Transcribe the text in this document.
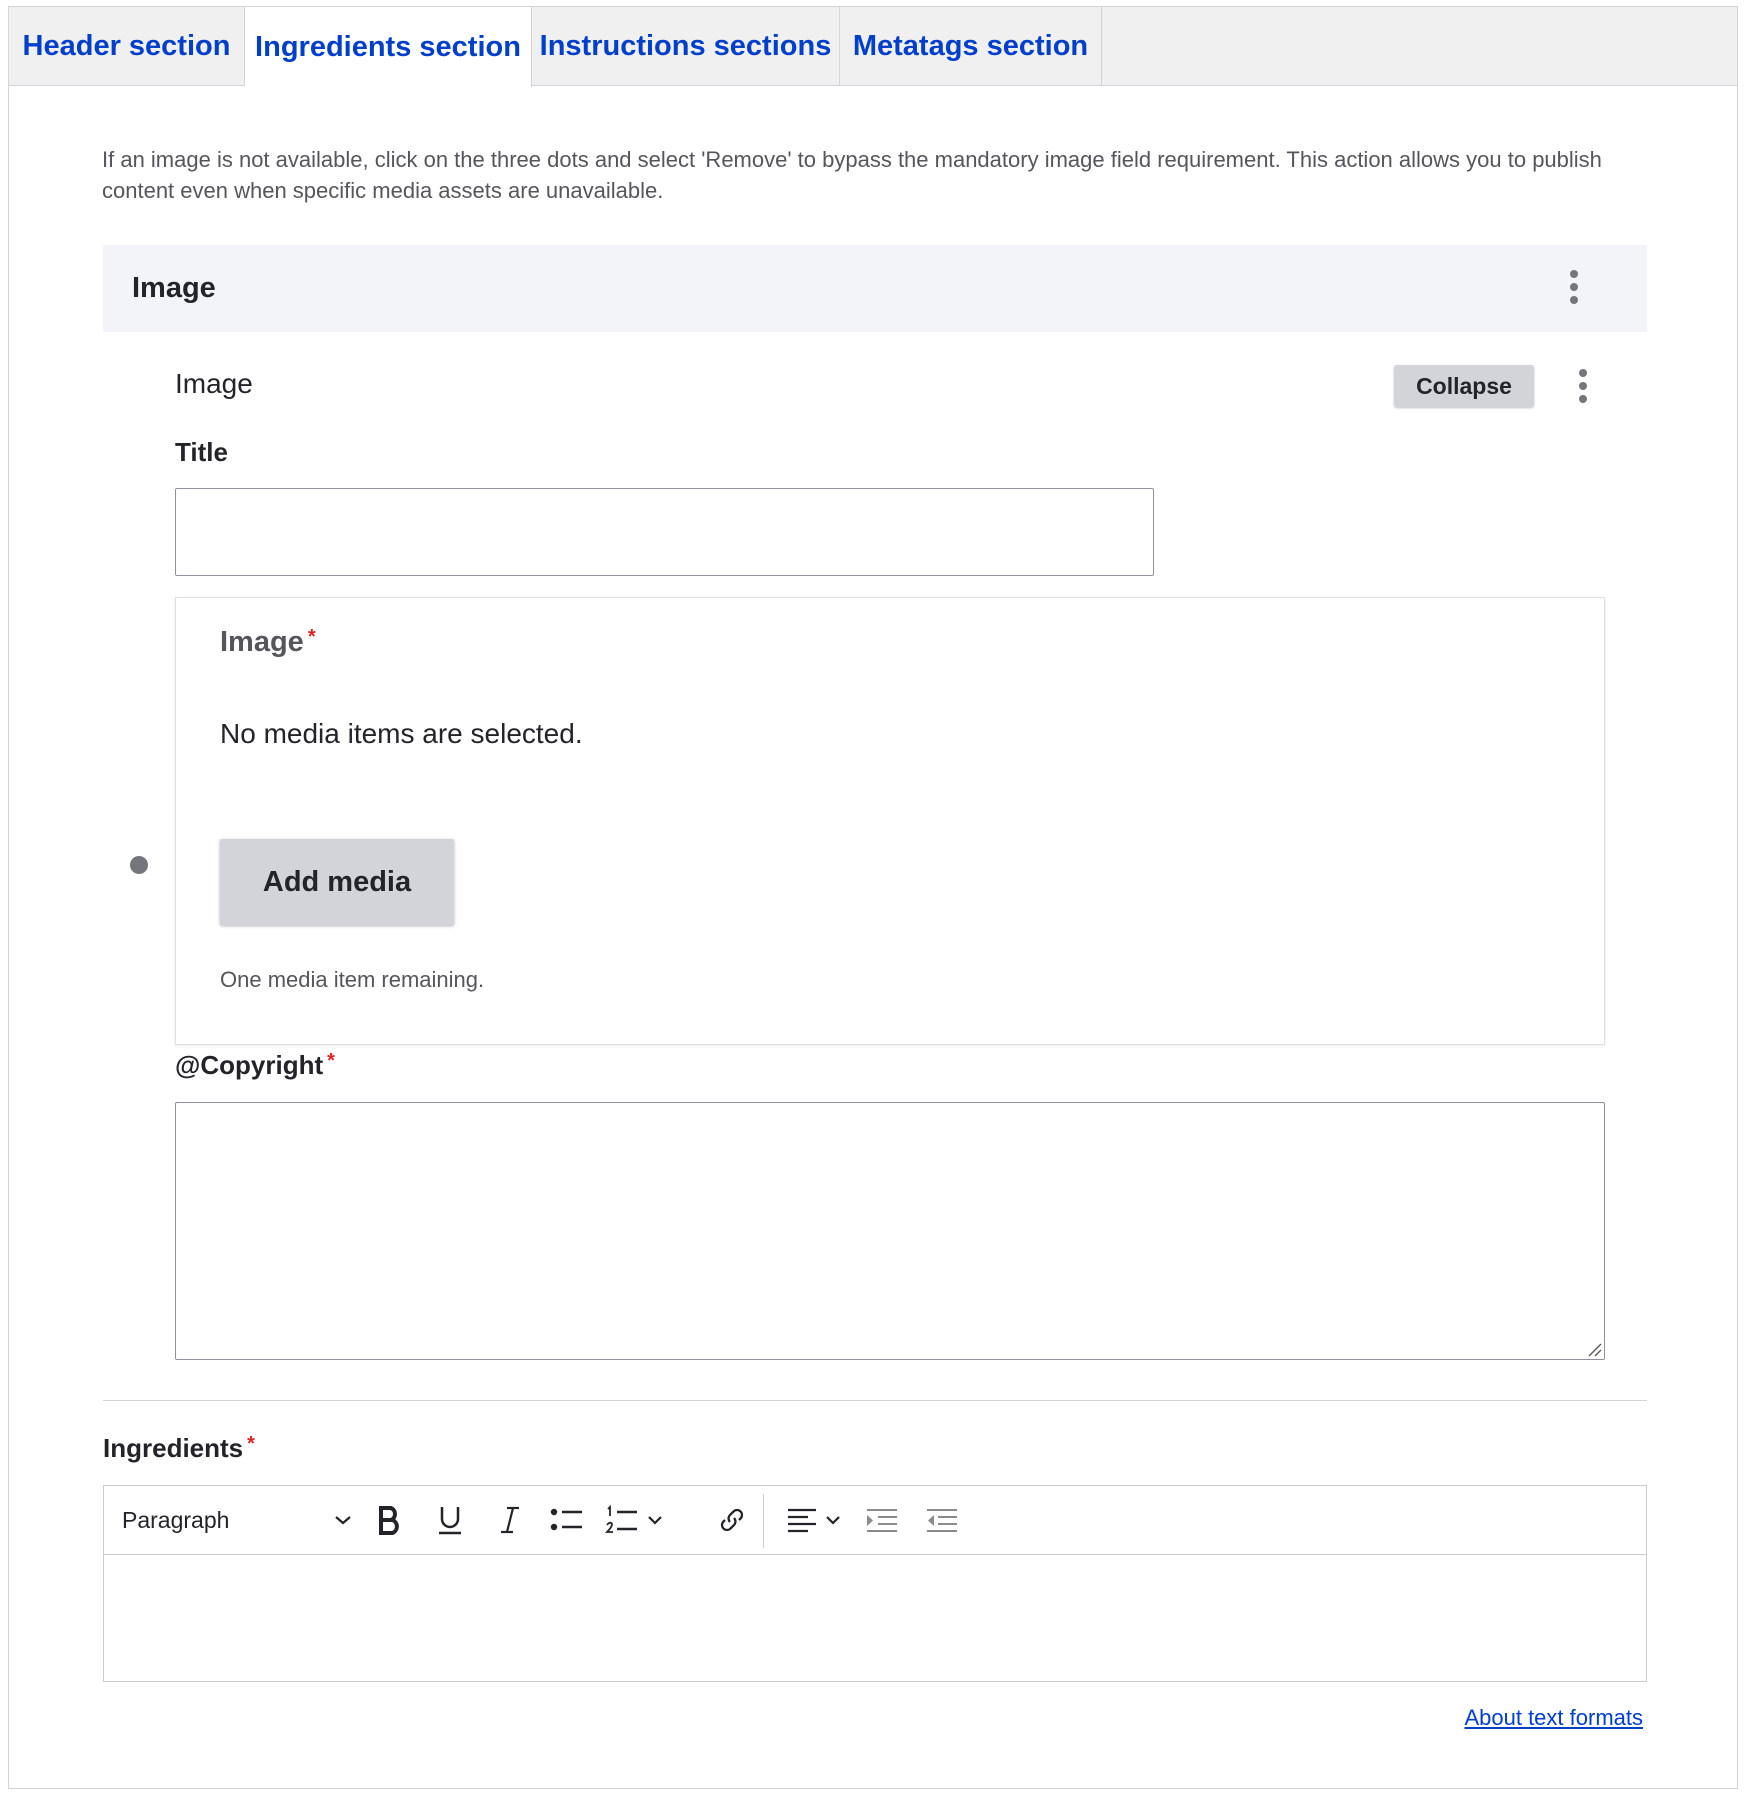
Header section Ingredients section Instructions sections Metatags section
If an image is not available, click on the three dots and select 'Remove' to bypass the mandatory image field requirement. This action allows you to publish content even when specific media assets are unavailable.
Image
Image	Collapse
Title
Image *
No media items are selected.
Add media
One media item remaining.
@Copyright *
Ingredients *
Paragraph
About text formats
